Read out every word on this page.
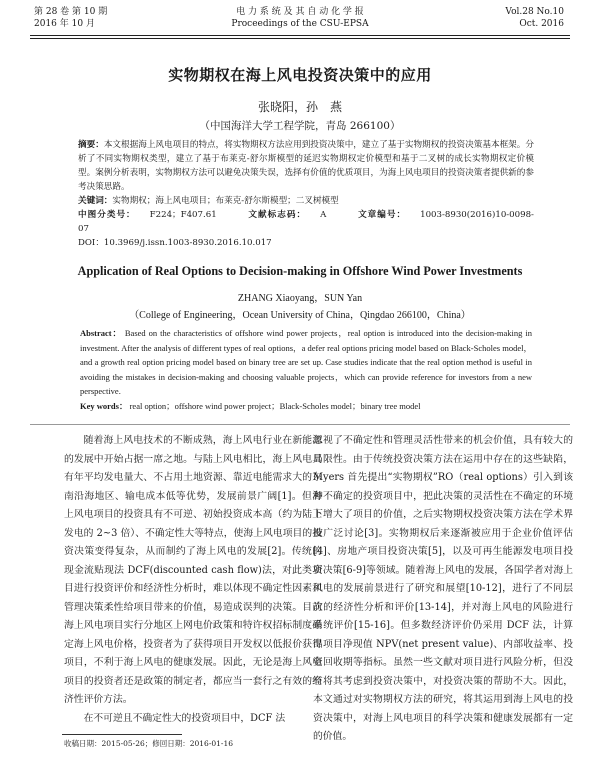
第 28 卷 第 10 期
2016 年 10 月
电 力 系 统 及 其 自 动 化 学 报
Proceedings of the CSU-EPSA
Vol.28 No.10
Oct. 2016
实物期权在海上风电投资决策中的应用
张晓阳，孙　燕
（中国海洋大学工程学院，青岛 266100）

摘要：本文根据海上风电项目的特点，将实物期权方法应用到投资决策中，建立了基于实物期权的投资决策基本框架。分析了不同实物期权类型，建立了基于布莱克-舒尔斯模型的延迟实物期权定价模型和基于二叉树的成长实物期权定价模型。案例分析表明，实物期权方法可以避免决策失误，选择有价值的优质项目，为海上风电项目的投资决策者提供新的参考决策思路。

关键词：实物期权；海上风电项目；布莱克-舒尔斯模型；二叉树模型

中图分类号： F224；F407.61	文献标志码： A	文章编号： 1003-8930(2016)10-0098-07

DOI：10.3969/j.issn.1003-8930.2016.10.017

Application of Real Options to Decision-making in Offshore Wind Power Investments
ZHANG Xiaoyang，SUN Yan
（College of Engineering，Ocean University of China，Qingdao 266100，China）

Abstract： Based on the characteristics of offshore wind power projects，real option is introduced into the decision-making in investment. After the analysis of different types of real options，a defer real options pricing model based on Black-Scholes model，and a growth real option pricing model based on binary tree are set up. Case studies indicate that the real option method is useful in avoiding the mistakes in decision-making and choosing valuable projects，which can provide reference for investors from a new perspective.

Key words： real option；offshore wind power project；Black-Scholes model；binary tree model

随着海上风电技术的不断成熟，海上风电行业在新能源的发展中开始占据一席之地。与陆上风电相比，海上风电具有年平均发电量大、不占用土地资源、靠近电能需求大的东南沿海地区、输电成本低等优势，发展前景广阔[1]。但海上风电项目的投资具有不可逆、初始投资成本高（约为陆上发电的 2~3 倍）、不确定性大等特点，使海上风电项目的投资决策变得复杂，从而制约了海上风电的发展[2]。传统的现金流贴现法 DCF(discounted cash flow)法，对此类项目进行投资评价和经济性分析时，难以体现不确定性因素和管理决策柔性给项目带来的价值，易造成误判的决策。目前海上风电项目实行分地区上网电价政策和特许权招标制度确定海上风电价格，投资者为了获得项目开发权以低报价获得项目，不利于海上风电的健康发展。因此，无论是海上风电项目的投资者还是政策的制定者，都应当一套行之有效的经济性评价方法。

在不可逆且不确定性大的投资项目中，DCF 法

忽视了不确定性和管理灵活性带来的机会价值，具有较大的局限性。由于传统投资决策方法在运用中存在的这些缺陷，Myers 首先提出“实物期权”RO（real options）引入到该种不确定的投资项目中，把此决策的灵活性在不确定的环境下增大了项目的价值，之后实物期权投资决策方法在学术界被广泛讨论[3]。实物期权后来逐渐被应用于企业价值评估[4]、房地产项目投资决策[5]，以及可再生能源发电项目投资决策[6-9]等领域。随着海上风电的发展，各国学者对海上风电的发展前景进行了研究和展望[10-12]，进行了不同层次的经济性分析和评价[13-14]，并对海上风电的风险进行系统评价[15-16]。但多数经济评价仍采用 DCF 法，计算出项目净现值 NPV(net present value)、内部收益率、投资回收期等指标。虽然一些文献对项目进行风险分析，但没有将其考虑到投资决策中，对投资决策的帮助不大。因此，本文通过对实物期权方法的研究，将其运用到海上风电的投资决策中，对海上风电项目的科学决策和健康发展都有一定的价值。

收稿日期：2015-05-26；修回日期：2016-01-16
